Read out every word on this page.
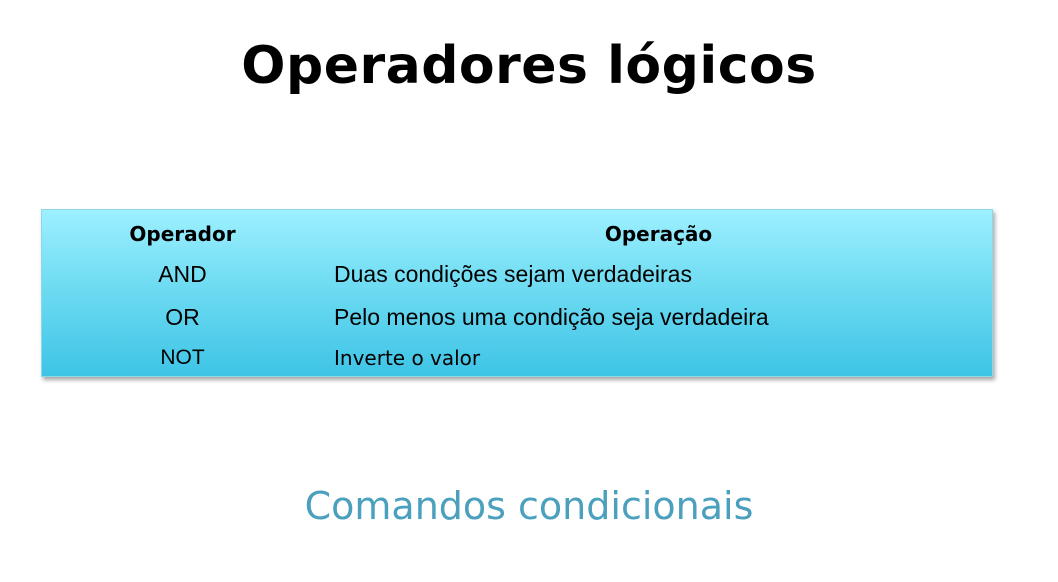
Operadores lógicos
Operador	Operação
AND	Duas condições sejam verdadeiras
OR	Pelo menos uma condição seja verdadeira
NOT	Inverte o valor

Comandos condicionais
